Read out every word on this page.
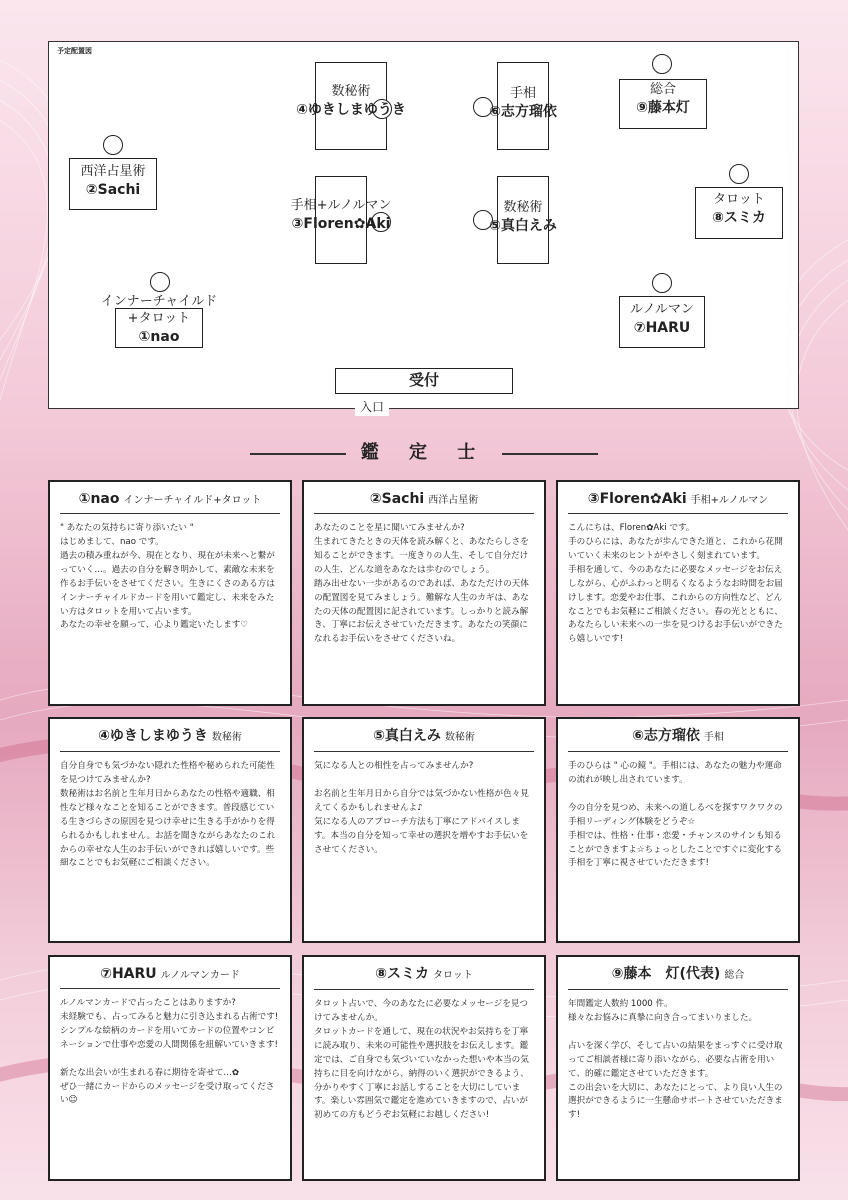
予定配置図
数秘術
④ゆきしまゆうき
手相
⑥志方瑠依
総合
⑨藤本灯
西洋占星術
②Sachi
手相+ルノルマン
③Floren✿Aki
数秘術
⑤真白えみ
タロット
⑧スミカ
インナーチャイルド
+タロット
①nao
ルノルマン
⑦HARU
受付
入口
鑑 定 士
①nao インナーチャイルド+タロット
" あなたの気持ちに寄り添いたい "
はじめまして、nao です。
過去の積み重ねが今、現在となり、現在が未来へと繋がっていく…。過去の自分を解き明かして、素敵な未来を作るお手伝いをさせてください。生きにくさのある方はインナーチャイルドカードを用いて鑑定し、未来をみたい方はタロットを用いて占います。
あなたの幸せを願って、心より鑑定いたします♡
②Sachi 西洋占星術
あなたのことを星に聞いてみませんか?
生まれてきたときの天体を読み解くと、あなたらしさを知ることができます。一度きりの人生、そして自分だけの人生、どんな道をあなたは歩むのでしょう。
踏み出せない一歩があるのであれば、あなただけの天体の配置図を見てみましょう。難解な人生のカギは、あなたの天体の配置図に記されています。しっかりと読み解き、丁寧にお伝えさせていただきます。あなたの笑顔になれるお手伝いをさせてくださいね。
③Floren✿Aki 手相+ルノルマン
こんにちは、Floren✿Aki です。
手のひらには、あなたが歩んできた道と、これから花開いていく未来のヒントがやさしく刻まれています。
手相を通して、今のあなたに必要なメッセージをお伝えしながら、心がふわっと明るくなるようなお時間をお届けします。恋愛やお仕事、これからの方向性など、どんなことでもお気軽にご相談ください。春の光とともに、あなたらしい未来への一歩を見つけるお手伝いができたら嬉しいです!
④ゆきしまゆうき 数秘術
自分自身でも気づかない隠れた性格や秘められた可能性を見つけてみませんか?
数秘術はお名前と生年月日からあなたの性格や適職、相性など様々なことを知ることができます。普段感じている生きづらさの原因を見つけ幸せに生きる手がかりを得られるかもしれません。お話を聞きながらあなたのこれからの幸せな人生のお手伝いができれば嬉しいです。些細なことでもお気軽にご相談ください。
⑤真白えみ 数秘術
気になる人との相性を占ってみませんか?

お名前と生年月日から自分では気づかない性格が色々見えてくるかもしれませんよ♪
気になる人のアプローチ方法も丁寧にアドバイスします。本当の自分を知って幸せの選択を増やすお手伝いをさせてください。
⑥志方瑠依 手相
手のひらは " 心の鏡 "。手相には、あなたの魅力や運命の流れが映し出されています。

今の自分を見つめ、未来への道しるべを探すワクワクの手相リーディング体験をどうぞ☆
手相では、性格・仕事・恋愛・チャンスのサインも知ることができますよ☆ちょっとしたことですぐに変化する手相を丁寧に視させていただきます!
⑦HARU ルノルマンカード
ルノルマンカードで占ったことはありますか?
未経験でも、占ってみると魅力に引き込まれる占術です!シンプルな絵柄のカードを用いてカードの位置やコンビネーションで仕事や恋愛の人間関係を紐解いていきます!

新たな出会いが生まれる春に期待を寄せて…✿
ぜひ一緒にカードからのメッセージを受け取ってください☺
⑧スミカ タロット
タロット占いで、今のあなたに必要なメッセージを見つけてみませんか。
タロットカードを通して、現在の状況やお気持ちを丁寧に読み取り、未来の可能性や選択肢をお伝えします。鑑定では、ご自身でも気づいていなかった想いや本当の気持ちに目を向けながら、納得のいく選択ができるよう、分かりやすく丁寧にお話しすることを大切にしています。楽しい雰囲気で鑑定を進めていきますので、占いが初めての方もどうぞお気軽にお越しください!
⑨藤本　灯(代表) 総合
年間鑑定人数約 1000 件。
様々なお悩みに真摯に向き合ってまいりました。

占いを深く学び、そして占いの結果をまっすぐに受け取ってご相談者様に寄り添いながら、必要な占術を用いて、的確に鑑定させていただきます。
この出会いを大切に、あなたにとって、より良い人生の選択ができるように一生懸命サポートさせていただきます!
